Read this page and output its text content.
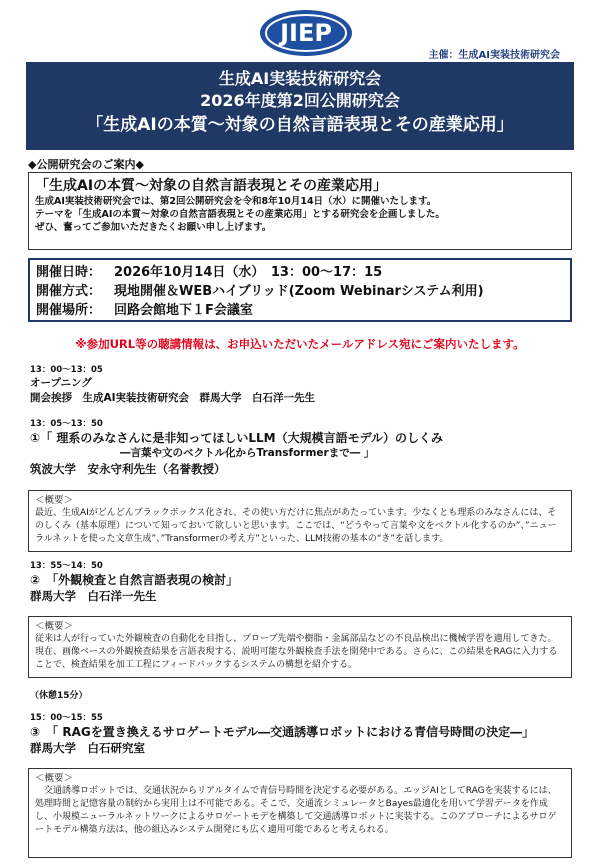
JIEP
主催：生成AI実装技術研究会
生成AI実装技術研究会
2026年度第2回公開研究会
「生成AIの本質～対象の自然言語表現とその産業応用」
◆公開研究会のご案内◆
「生成AIの本質～対象の自然言語表現とその産業応用」
生成AI実装技術研究会では、第2回公開研究会を令和8年10月14日（水）に開催いたします。
テーマを「生成AIの本質～対象の自然言語表現とその産業応用」とする研究会を企画しました。
ぜひ、奮ってご参加いただきたくお願い申し上げます。
開催日時： 2026年10月14日（水）　13：00～17：15
開催方式： 現地開催＆WEBハイブリッド(Zoom Webinarシステム利用)
開催場所： 回路会館地下１F会議室
※参加URL等の聴講情報は、お申込いただいたメールアドレス宛にご案内いたします。
13：00～13：05
オープニング
開会挨拶　生成AI実装技術研究会　群馬大学　白石洋一先生
13：05～13：50
①「 理系のみなさんに是非知ってほしいLLM（大規模言語モデル）のしくみ
―言葉や文のベクトル化からTransformerまで― 」
筑波大学　安永守利先生（名誉教授）
＜概要＞
最近、生成AIがどんどんブラックボックス化され、その使い方だけに焦点があたっています。少なくとも理系のみなさんには、そのしくみ（基本原理）について知っておいて欲しいと思います。ここでは、“どうやって言葉や文をベクトル化するのか”、”ニューラルネットを使った文章生成”、”Transformerの考え方”といった、LLM技術の基本の“き”を話します。
13：55～14：50
②　「外観検査と自然言語表現の検討」
群馬大学　白石洋一先生
＜概要＞
従来は人が行っていた外観検査の自動化を目指し、プローブ先端や樹脂・金属部品などの不良品検出に機械学習を適用してきた。現在、画像ベースの外観検査結果を言語表現する、説明可能な外観検査手法を開発中である。さらに、この結果をRAGに入力することで、検査結果を加工工程にフィードバックするシステムの構想を紹介する。
（休憩15分）
15：00～15：55
③　「 RAGを置き換えるサロゲートモデル―交通誘導ロボットにおける青信号時間の決定―」
群馬大学　白石研究室
＜概要＞
　交通誘導ロボットでは、交通状況からリアルタイムで青信号時間を決定する必要がある。エッジAIとしてRAGを実装するには、処理時間と記憶容量の制約から実用上は不可能である。そこで、交通流シミュレータとBayes最適化を用いて学習データを作成し、小規模ニューラルネットワークによるサロゲートモデを構築して交通誘導ロボットに実装する。このアプローチによるサロゲートモデル構築方法は、他の組込みシステム開発にも広く適用可能であると考えられる。
